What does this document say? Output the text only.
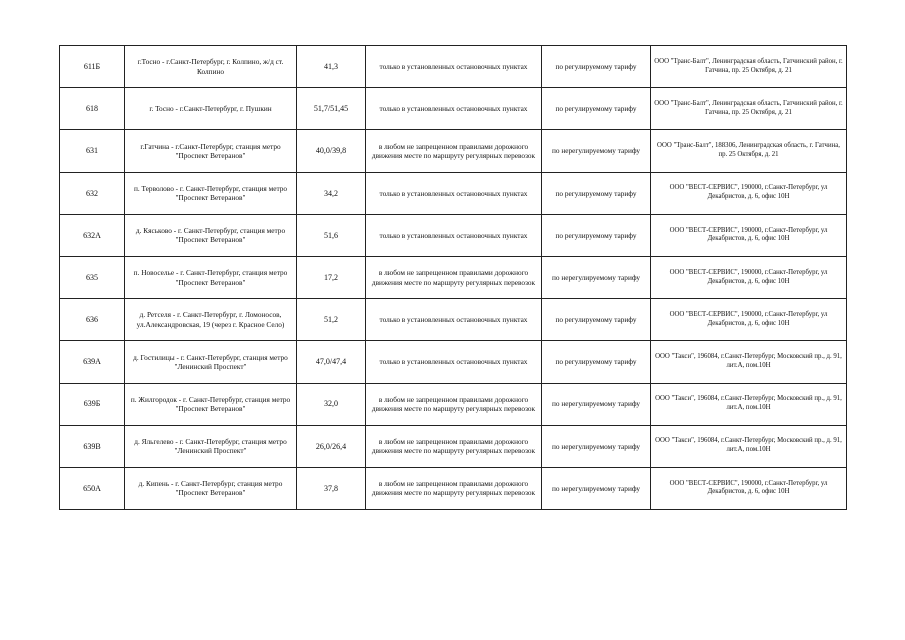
611Б	г.Тосно - г.Санкт-Петербург, г. Колпино, ж/д ст. Колпино	41,3	только в установленных остановочных пунктах	по регулируемому тарифу	ООО "Транс-Балт", Ленинградская область, Гатчинский район, г. Гатчина, пр. 25 Октября, д. 21
618	г. Тосно - г.Санкт-Петербург, г. Пушкин	51,7/51,45	только в установленных остановочных пунктах	по регулируемому тарифу	ООО "Транс-Балт", Ленинградская область, Гатчинский район, г. Гатчина, пр. 25 Октября, д. 21
631	г.Гатчина - г.Санкт-Петербург, станция метро "Проспект Ветеранов"	40,0/39,8	в любом не запрещенном правилами дорожного движения месте по маршруту регулярных перевозок	по нерегулируемому тарифу	ООО "Транс-Балт", 188306, Ленинградская область, г. Гатчина, пр. 25 Октября, д. 21
632	п. Терволово - г. Санкт-Петербург, станция метро "Проспект Ветеранов"	34,2	только в установленных остановочных пунктах	по регулируемому тарифу	ООО "ВЕСТ-СЕРВИС", 190000, г.Санкт-Петербург, ул Декабристов, д. 6, офис 10Н
632А	д. Кяськово - г. Санкт-Петербург, станция метро "Проспект Ветеранов"	51,6	только в установленных остановочных пунктах	по регулируемому тарифу	ООО "ВЕСТ-СЕРВИС", 190000, г.Санкт-Петербург, ул Декабристов, д. 6, офис 10Н
635	п. Новоселье - г. Санкт-Петербург, станция метро "Проспект Ветеранов"	17,2	в любом не запрещенном правилами дорожного движения месте по маршруту регулярных перевозок	по нерегулируемому тарифу	ООО "ВЕСТ-СЕРВИС", 190000, г.Санкт-Петербург, ул Декабристов, д. 6, офис 10Н
636	д. Ретселя - г. Санкт-Петербург, г. Ломоносов, ул.Александровская, 19 (через г. Красное Село)	51,2	только в установленных остановочных пунктах	по регулируемому тарифу	ООО "ВЕСТ-СЕРВИС", 190000, г.Санкт-Петербург, ул Декабристов, д. 6, офис 10Н
639А	д. Гостилицы - г. Санкт-Петербург, станция метро "Ленинский Проспект"	47,0/47,4	только в установленных остановочных пунктах	по регулируемому тарифу	ООО "Такси", 196084, г.Санкт-Петербург, Московский пр., д. 91, лит.А, пом.10Н
639Б	п. Жилгородок - г. Санкт-Петербург, станция метро "Проспект Ветеранов"	32,0	в любом не запрещенном правилами дорожного движения месте по маршруту регулярных перевозок	по нерегулируемому тарифу	ООО "Такси", 196084, г.Санкт-Петербург, Московский пр., д. 91, лит.А, пом.10Н
639В	д. Яльгелево - г. Санкт-Петербург, станция метро "Ленинский Проспект"	26,0/26,4	в любом не запрещенном правилами дорожного движения месте по маршруту регулярных перевозок	по нерегулируемому тарифу	ООО "Такси", 196084, г.Санкт-Петербург, Московский пр., д. 91, лит.А, пом.10Н
650А	д. Кипень - г. Санкт-Петербург, станция метро "Проспект Ветеранов"	37,8	в любом не запрещенном правилами дорожного движения месте по маршруту регулярных перевозок	по нерегулируемому тарифу	ООО "ВЕСТ-СЕРВИС", 190000, г.Санкт-Петербург, ул Декабристов, д. 6, офис 10Н
